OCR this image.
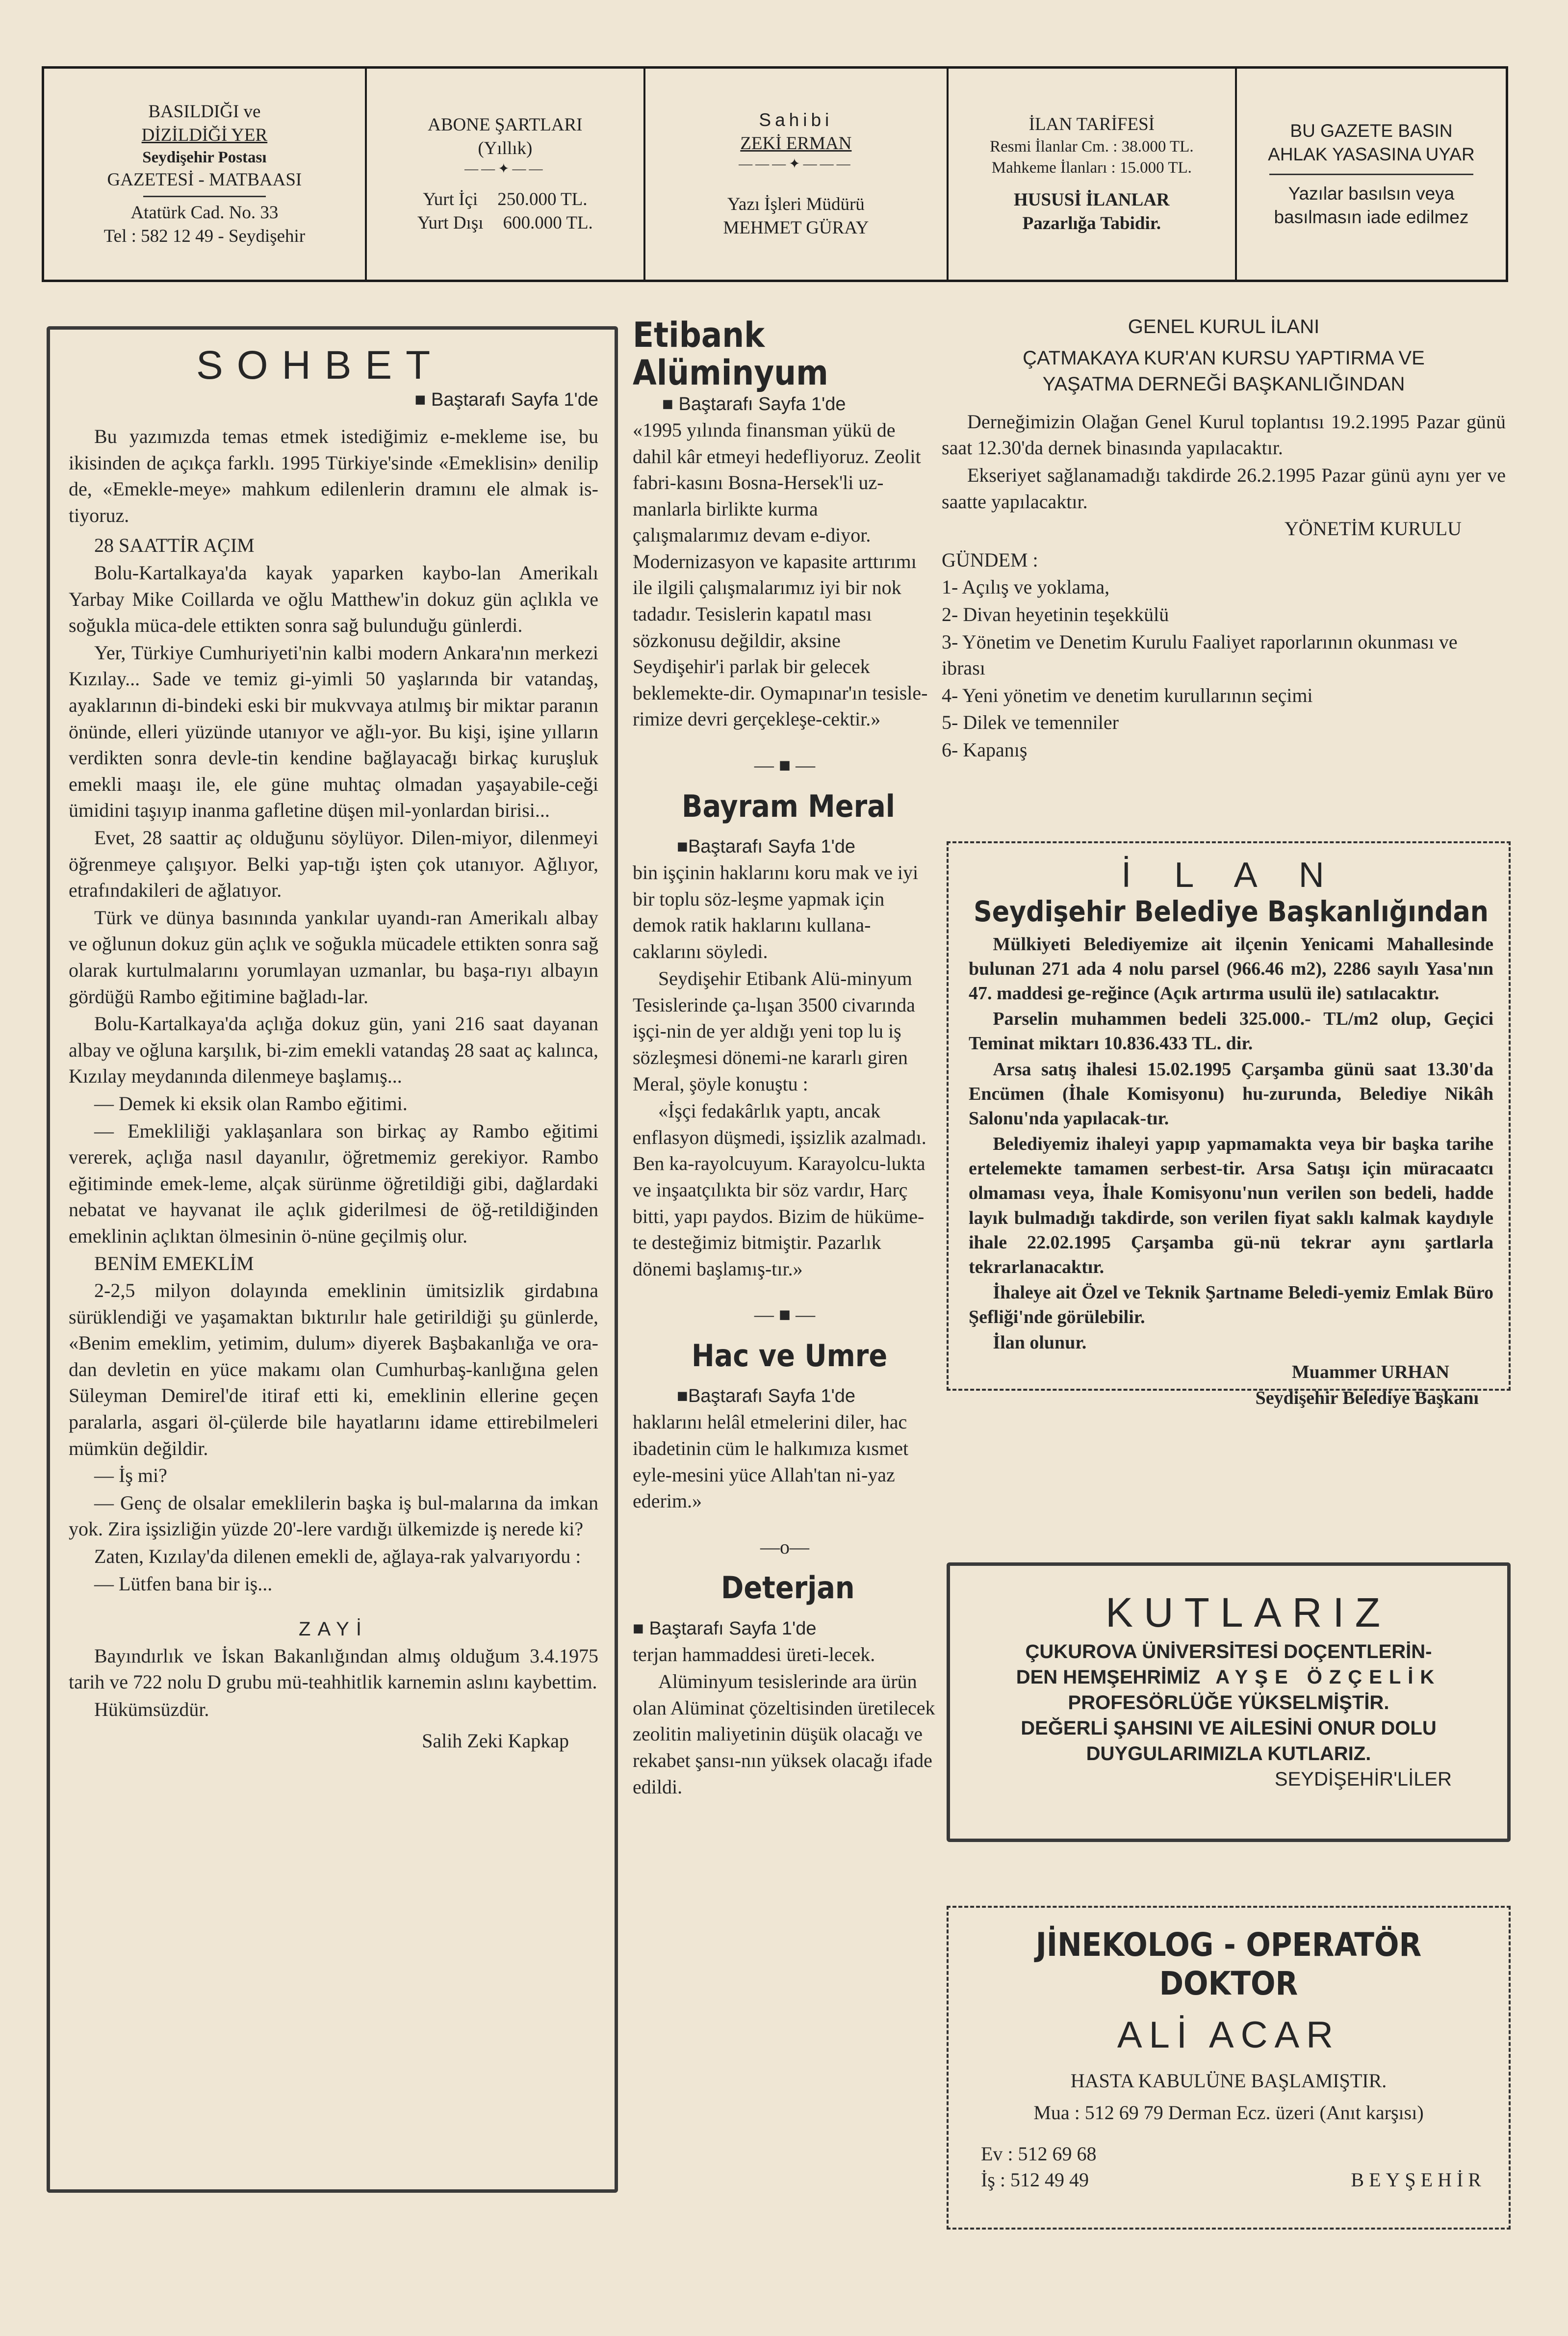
BASILDIĞI ve
DİZİLDİĞİ YER
Seydişehir Postası
GAZETESİ - MATBAASI
Atatürk Cad. No. 33
Tel : 582 12 49 - Seydişehir
ABONE ŞARTLARI
(Yıllık)
——✦——
Yurt İçi 250.000 TL.
Yurt Dışı 600.000 TL.
Sahibi
ZEKİ ERMAN
———✦———
Yazı İşleri Müdürü
MEHMET GÜRAY
İLAN TARİFESİ
Resmi İlanlar Cm. : 38.000 TL.
Mahkeme İlanları : 15.000 TL.
HUSUSİ İLANLAR
Pazarlığa Tabidir.
BU GAZETE BASIN
AHLAK YASASINA UYAR
Yazılar basılsın veya
basılmasın iade edilmez
SOHBET
■ Baştarafı Sayfa 1'de

Bu yazımızda temas etmek istediğimiz e-mekleme ise, bu ikisinden de açıkça farklı. 1995 Türkiye'sinde «Emeklisin» denilip de, «Emekle-meye» mahkum edilenlerin dramını ele almak is-tiyoruz.

28 SAATTİR AÇIM

Bolu-Kartalkaya'da kayak yaparken kaybo-lan Amerikalı Yarbay Mike Coillarda ve oğlu Matthew'in dokuz gün açlıkla ve soğukla müca-dele ettikten sonra sağ bulunduğu günlerdi.

Yer, Türkiye Cumhuriyeti'nin kalbi modern Ankara'nın merkezi Kızılay... Sade ve temiz gi-yimli 50 yaşlarında bir vatandaş, ayaklarının di-bindeki eski bir mukvvaya atılmış bir miktar paranın önünde, elleri yüzünde utanıyor ve ağlı-yor. Bu kişi, işine yılların verdikten sonra devle-tin kendine bağlayacağı birkaç kuruşluk emekli maaşı ile, ele güne muhtaç olmadan yaşayabile-ceği ümidini taşıyıp inanma gafletine düşen mil-yonlardan birisi...

Evet, 28 saattir aç olduğunu söylüyor. Dilen-miyor, dilenmeyi öğrenmeye çalışıyor. Belki yap-tığı işten çok utanıyor. Ağlıyor, etrafındakileri de ağlatıyor.

Türk ve dünya basınında yankılar uyandı-ran Amerikalı albay ve oğlunun dokuz gün açlık ve soğukla mücadele ettikten sonra sağ olarak kurtulmalarını yorumlayan uzmanlar, bu başa-rıyı albayın gördüğü Rambo eğitimine bağladı-lar.

Bolu-Kartalkaya'da açlığa dokuz gün, yani 216 saat dayanan albay ve oğluna karşılık, bi-zim emekli vatandaş 28 saat aç kalınca, Kızılay meydanında dilenmeye başlamış...

— Demek ki eksik olan Rambo eğitimi.

— Emekliliği yaklaşanlara son birkaç ay Rambo eğitimi vererek, açlığa nasıl dayanılır, öğretmemiz gerekiyor. Rambo eğitiminde emek-leme, alçak sürünme öğretildiği gibi, dağlardaki nebatat ve hayvanat ile açlık giderilmesi de öğ-retildiğinden emeklinin açlıktan ölmesinin ö-nüne geçilmiş olur.

BENİM EMEKLİM

2-2,5 milyon dolayında emeklinin ümitsizlik girdabına sürüklendiği ve yaşamaktan bıktırılır hale getirildiği şu günlerde, «Benim emeklim, yetimim, dulum» diyerek Başbakanlığa ve ora-dan devletin en yüce makamı olan Cumhurbaş-kanlığına gelen Süleyman Demirel'de itiraf etti ki, emeklinin ellerine geçen paralarla, asgari öl-çülerde bile hayatlarını idame ettirebilmeleri mümkün değildir.

— İş mi?

— Genç de olsalar emeklilerin başka iş bul-malarına da imkan yok. Zira işsizliğin yüzde 20'-lere vardığı ülkemizde iş nerede ki?

Zaten, Kızılay'da dilenen emekli de, ağlaya-rak yalvarıyordu :

— Lütfen bana bir iş...

ZAYİ

Bayındırlık ve İskan Bakanlığından almış olduğum 3.4.1975 tarih ve 722 nolu D grubu mü-teahhitlik karnemin aslını kaybettim.

Hükümsüzdür.

Salih Zeki Kapkap

Etibank Alüminyum
■ Baştarafı Sayfa 1'de

«1995 yılında finansman yükü de dahil kâr etmeyi hedefliyoruz. Zeolit fabri-kasını Bosna-Hersek'li uz-manlarla birlikte kurma çalışmalarımız devam e-diyor. Modernizasyon ve kapasite arttırımı ile ilgili çalışmalarımız iyi bir nok tadadır. Tesislerin kapatıl ması sözkonusu değildir, aksine Seydişehir'i parlak bir gelecek beklemekte-dir. Oymapınar'ın tesisle-rimize devri gerçekleşe-cektir.»

— ■ —
Bayram Meral
■Baştarafı Sayfa 1'de

bin işçinin haklarını koru mak ve iyi bir toplu söz-leşme yapmak için demok ratik haklarını kullana-caklarını söyledi.

Seydişehir Etibank Alü-minyum Tesislerinde ça-lışan 3500 civarında işçi-nin de yer aldığı yeni top lu iş sözleşmesi dönemi-ne kararlı giren Meral, şöyle konuştu :

«İşçi fedakârlık yaptı, ancak enflasyon düşmedi, işsizlik azalmadı. Ben ka-rayolcuyum. Karayolcu-lukta ve inşaatçılıkta bir söz vardır, Harç bitti, yapı paydos. Bizim de hüküme-te desteğimiz bitmiştir. Pazarlık dönemi başlamış-tır.»

— ■ —
Hac ve Umre
■Baştarafı Sayfa 1'de

haklarını helâl etmelerini diler, hac ibadetinin cüm le halkımıza kısmet eyle-mesini yüce Allah'tan ni-yaz ederim.»

—o—
Deterjan
■ Baştarafı Sayfa 1'de

terjan hammaddesi üreti-lecek.

Alüminyum tesislerinde ara ürün olan Alüminat çözeltisinden üretilecek zeolitin maliyetinin düşük olacağı ve rekabet şansı-nın yüksek olacağı ifade edildi.

GENEL KURUL İLANI
ÇATMAKAYA KUR'AN KURSU YAPTIRMA VE
YAŞATMA DERNEĞİ BAŞKANLIĞINDAN

Derneğimizin Olağan Genel Kurul toplantısı 19.2.1995 Pazar günü saat 12.30'da dernek binasında yapılacaktır.

Ekseriyet sağlanamadığı takdirde 26.2.1995 Pazar günü aynı yer ve saatte yapılacaktır.

YÖNETİM KURULU

GÜNDEM :

1- Açılış ve yoklama,

2- Divan heyetinin teşekkülü

3- Yönetim ve Denetim Kurulu Faaliyet raporlarının okunması ve ibrası

4- Yeni yönetim ve denetim kurullarının seçimi

5- Dilek ve temenniler

6- Kapanış

İ L A N
Seydişehir Belediye Başkanlığından

Mülkiyeti Belediyemize ait ilçenin Yenicami Mahallesinde bulunan 271 ada 4 nolu parsel (966.46 m2), 2286 sayılı Yasa'nın 47. maddesi ge-reğince (Açık artırma usulü ile) satılacaktır.

Parselin muhammen bedeli 325.000.- TL/m2 olup, Geçici Teminat miktarı 10.836.433 TL. dir.

Arsa satış ihalesi 15.02.1995 Çarşamba günü saat 13.30'da Encümen (İhale Komisyonu) hu-zurunda, Belediye Nikâh Salonu'nda yapılacak-tır.

Belediyemiz ihaleyi yapıp yapmamakta veya bir başka tarihe ertelemekte tamamen serbest-tir. Arsa Satışı için müracaatcı olmaması veya, İhale Komisyonu'nun verilen son bedeli, hadde layık bulmadığı takdirde, son verilen fiyat saklı kalmak kaydıyle ihale 22.02.1995 Çarşamba gü-nü tekrar aynı şartlarla tekrarlanacaktır.

İhaleye ait Özel ve Teknik Şartname Beledi-yemiz Emlak Büro Şefliği'nde görülebilir.

İlan olunur.

Muammer URHAN

Seydişehir Belediye Başkanı

KUTLARIZ
ÇUKUROVA ÜNİVERSİTESİ DOÇENTLERİN-
DEN HEMŞEHRİMİZ AYŞE ÖZÇELİK
PROFESÖRLÜĞE YÜKSELMİŞTİR.
DEĞERLİ ŞAHSINI VE AİLESİNİ ONUR DOLU
DUYGULARIMIZLA KUTLARIZ.
SEYDİŞEHİR'LİLER
JİNEKOLOG - OPERATÖR DOKTOR
ALİ ACAR
HASTA KABULÜNE BAŞLAMIŞTIR.
Mua : 512 69 79 Derman Ecz. üzeri (Anıt karşısı)
Ev : 512 69 68
İş : 512 49 49	BEYŞEHİR
